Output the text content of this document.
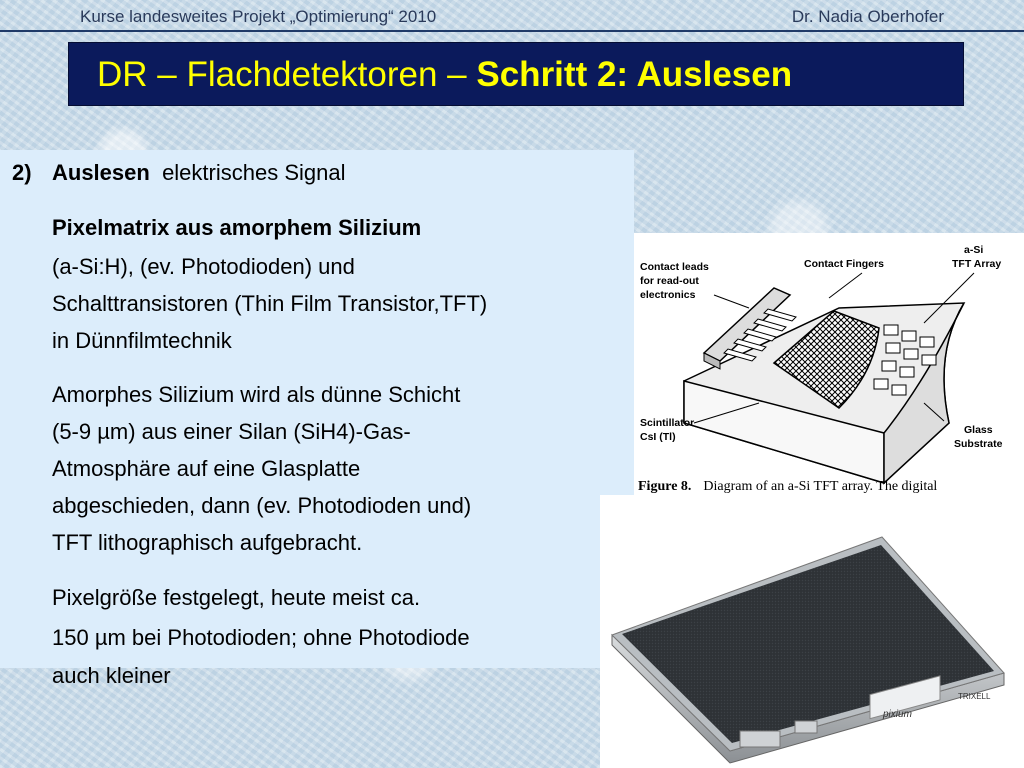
Kurse landesweites Projekt „Optimierung“ 2010	Dr. Nadia Oberhofer
DR – Flachdetektoren – Schritt 2: Auslesen
2) Auslesen elektrisches Signal
Pixelmatrix aus amorphem Silizium
(a-Si:H), (ev. Photodioden) und
Schalttransistoren (Thin Film Transistor,TFT)
in Dünnfilmtechnik
Amorphes Silizium wird als dünne Schicht
(5-9 µm) aus einer Silan (SiH4)-Gas-
Atmosphäre auf eine Glasplatte
abgeschieden, dann (ev. Photodioden und)
TFT lithographisch aufgebracht.
Pixelgröße festgelegt, heute meist ca.
150 µm bei Photodioden; ohne Photodiode
auch kleiner
Contact leads
for read-out
electronics
Contact Fingers
a-Si
TFT Array
Scintillator
CsI (Tl)
Glass
Substrate
Figure 8. Diagram of an a-Si TFT array. The digital
pixium
TRIXELL
